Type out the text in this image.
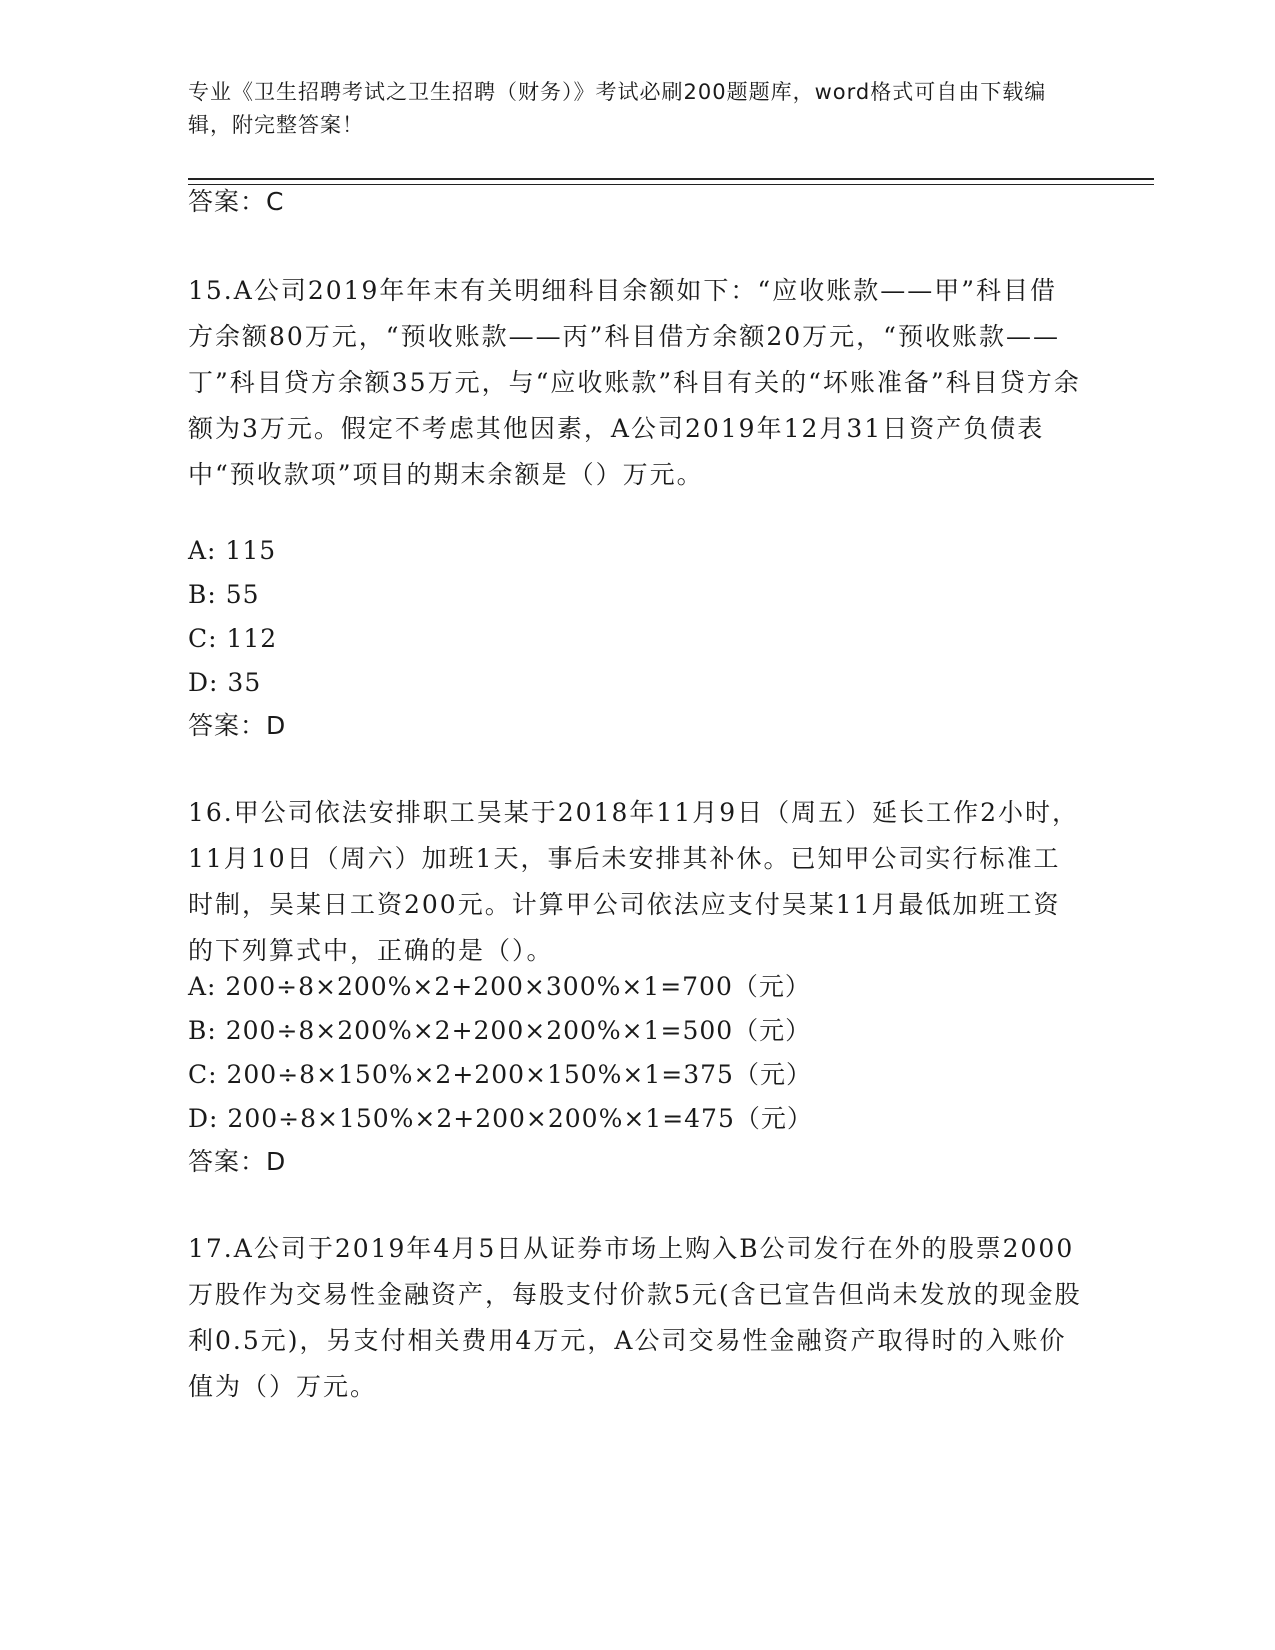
专业《卫生招聘考试之卫生招聘（财务）》考试必刷200题题库，word格式可自由下载编辑，附完整答案！
答案：C
15.A公司2019年年末有关明细科目余额如下：“应收账款——甲”科目借方余额80万元，“预收账款——丙”科目借方余额20万元，“预收账款——丁”科目贷方余额35万元，与“应收账款”科目有关的“坏账准备”科目贷方余额为3万元。假定不考虑其他因素，A公司2019年12月31日资产负债表中“预收款项”项目的期末余额是（）万元。
A: 115
B: 55
C: 112
D: 35
答案：D
16.甲公司依法安排职工吴某于2018年11月9日（周五）延长工作2小时，11月10日（周六）加班1天，事后未安排其补休。已知甲公司实行标准工时制，吴某日工资200元。计算甲公司依法应支付吴某11月最低加班工资的下列算式中，正确的是（）。
A: 200÷8×200%×2+200×300%×1=700（元）
B: 200÷8×200%×2+200×200%×1=500（元）
C: 200÷8×150%×2+200×150%×1=375（元）
D: 200÷8×150%×2+200×200%×1=475（元）
答案：D
17.A公司于2019年4月5日从证券市场上购入B公司发行在外的股票2000万股作为交易性金融资产，每股支付价款5元(含已宣告但尚未发放的现金股利0.5元)，另支付相关费用4万元，A公司交易性金融资产取得时的入账价值为（）万元。
